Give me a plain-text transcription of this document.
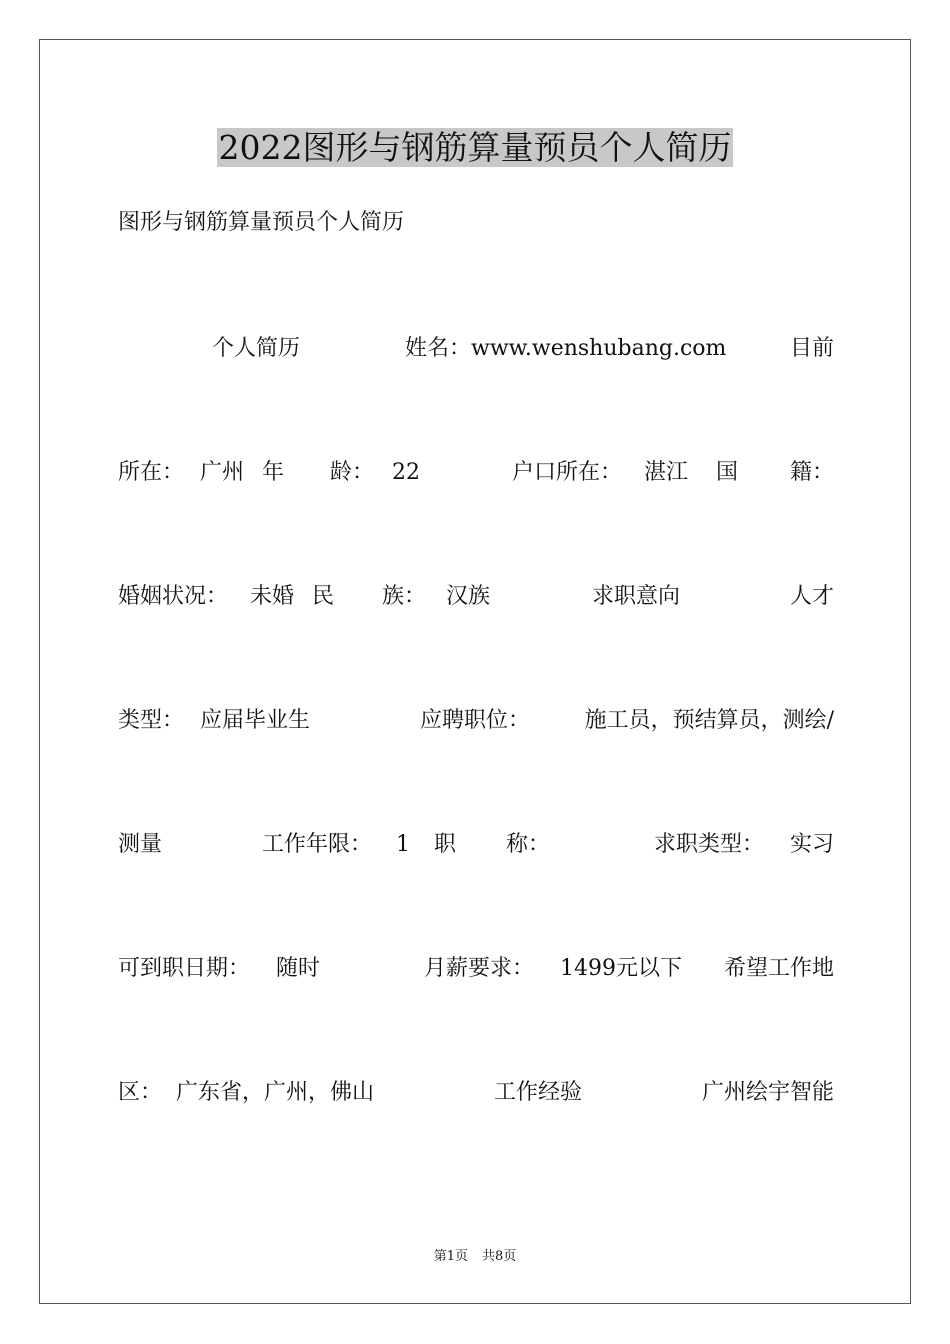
2022图形与钢筋算量预员个人简历

图形与钢筋算量预员个人简历

个人简历	姓名：www.wenshubang.com	目前
所在： 广州 年 龄： 22	户口所在： 湛江 国 籍：
婚姻状况： 未婚 民 族： 汉族	求职意向	人才
类型： 应届毕业生	应聘职位： 施工员，预结算员，测绘/
测量	工作年限： 1 职 称：	求职类型： 实习
可到职日期： 随时	月薪要求： 1499元以下 希望工作地
区： 广东省，广州，佛山	工作经验	广州绘宇智能
第1页 共8页
